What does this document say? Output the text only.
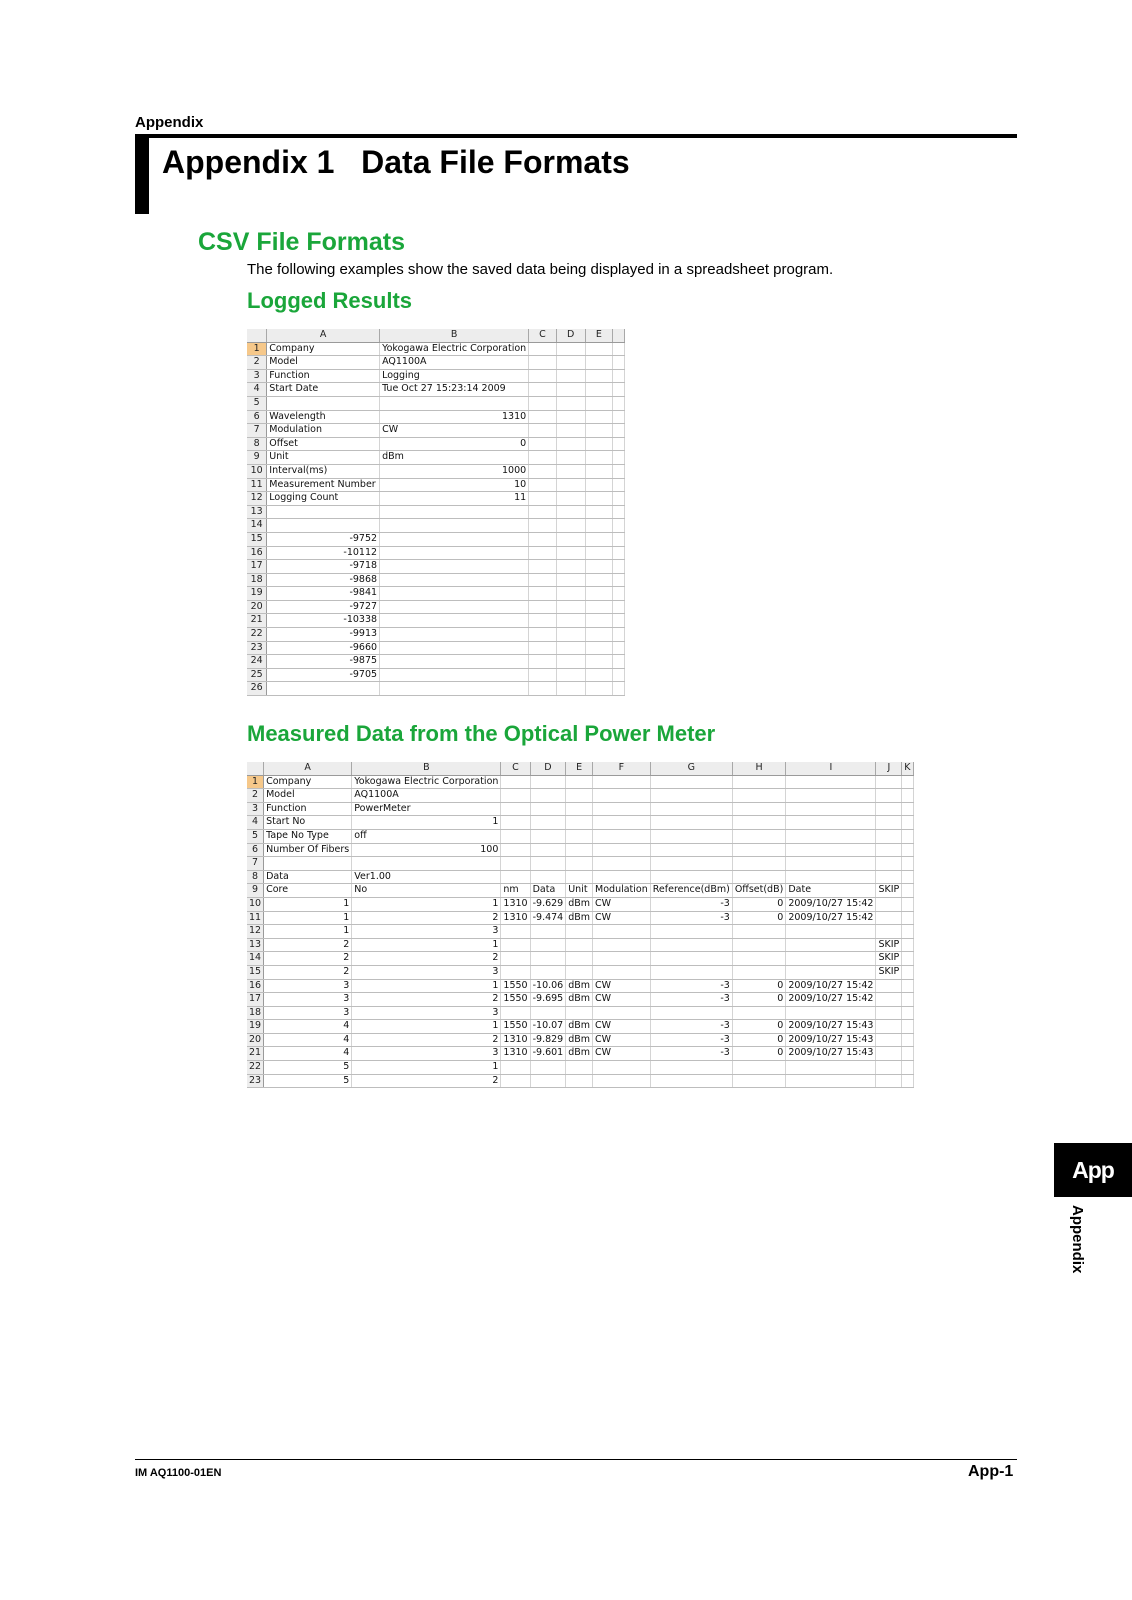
Appendix
Appendix 1   Data File Formats
CSV File Formats
The following examples show the saved data being displayed in a spreadsheet program.
Logged Results
	A	B	C	D	E	
1	Company	Yokogawa Electric Corporation				
2	Model	AQ1100A				
3	Function	Logging				
4	Start Date	Tue Oct 27 15:23:14 2009				
5						
6	Wavelength	1310				
7	Modulation	CW				
8	Offset	0				
9	Unit	dBm				
10	Interval(ms)	1000				
11	Measurement Number	10				
12	Logging Count	11				
13						
14						
15	-9752					
16	-10112					
17	-9718					
18	-9868					
19	-9841					
20	-9727					
21	-10338					
22	-9913					
23	-9660					
24	-9875					
25	-9705					
26						
Measured Data from the Optical Power Meter
	A	B	C	D	E	F	G	H	I	J	K
1	Company	Yokogawa Electric Corporation									
2	Model	AQ1100A									
3	Function	PowerMeter									
4	Start No	1									
5	Tape No Type	off									
6	Number Of Fibers	100									
7											
8	Data	Ver1.00									
9	Core	No	nm	Data	Unit	Modulation	Reference(dBm)	Offset(dB)	Date	SKIP	
10	1	1	1310	-9.629	dBm	CW	-3	0	2009/10/27 15:42		
11	1	2	1310	-9.474	dBm	CW	-3	0	2009/10/27 15:42		
12	1	3									
13	2	1								SKIP	
14	2	2								SKIP	
15	2	3								SKIP	
16	3	1	1550	-10.06	dBm	CW	-3	0	2009/10/27 15:42		
17	3	2	1550	-9.695	dBm	CW	-3	0	2009/10/27 15:42		
18	3	3									
19	4	1	1550	-10.07	dBm	CW	-3	0	2009/10/27 15:43		
20	4	2	1310	-9.829	dBm	CW	-3	0	2009/10/27 15:43		
21	4	3	1310	-9.601	dBm	CW	-3	0	2009/10/27 15:43		
22	5	1									
23	5	2									
App
Appendix
IM AQ1100-01EN	App-1
